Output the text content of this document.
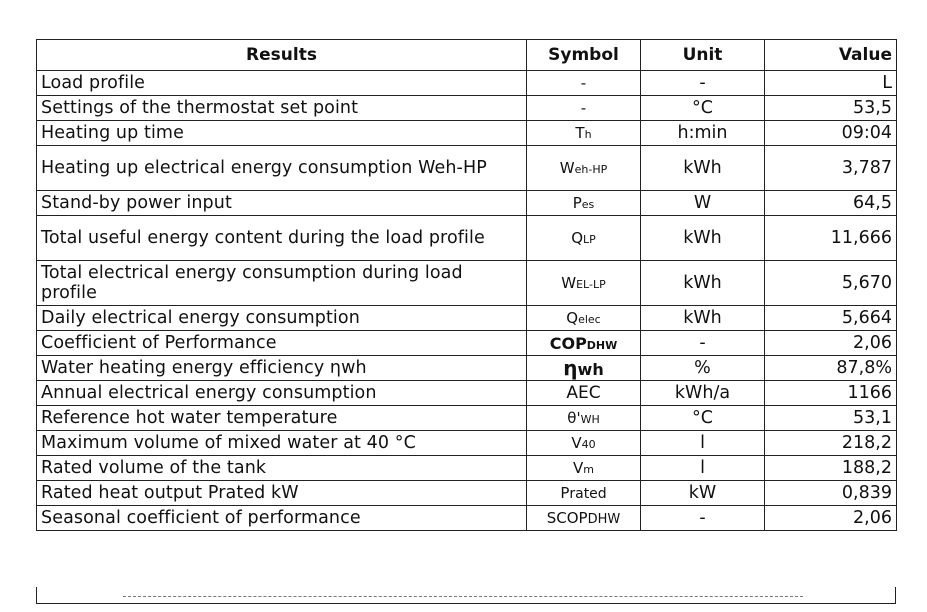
Results	Symbol	Unit	Value
Load profile	-	-	L
Settings of the thermostat set point	-	°C	53,5
Heating up time	Th	h:min	09:04
Heating up electrical energy consumption Weh-HP	Weh-HP	kWh	3,787
Stand-by power input	Pes	W	64,5
Total useful energy content during the load profile	QLP	kWh	11,666
Total electrical energy consumption during load profile	WEL-LP	kWh	5,670
Daily electrical energy consumption	Qelec	kWh	5,664
Coefficient of Performance	COPDHW	-	2,06
Water heating energy efficiency ηwh	ηwh	%	87,8%
Annual electrical energy consumption	AEC	kWh/a	1166
Reference hot water temperature	θ'WH	°C	53,1
Maximum volume of mixed water at 40 °C	V40	l	218,2
Rated volume of the tank	Vm	l	188,2
Rated heat output Prated kW	Prated	kW	0,839
Seasonal coefficient of performance	SCOPDHW	-	2,06
